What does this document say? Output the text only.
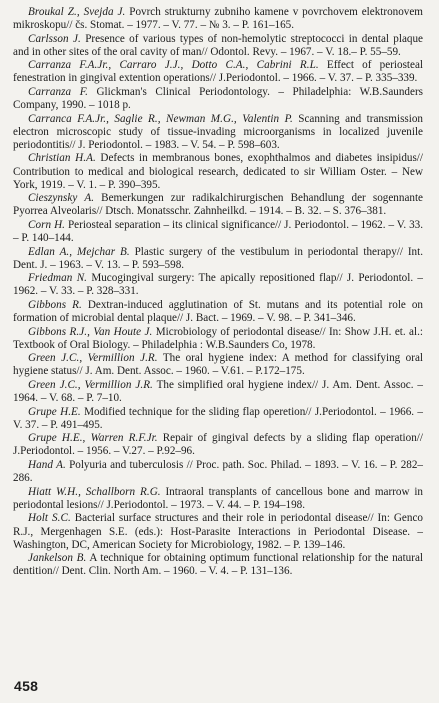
Broukal Z., Svejda J. Povrch strukturny zubniho kamene v povrchovem elektronovem mikroskopu// čs. Stomat. – 1977. – V. 77. – № 3. – P. 161–165.
Carlsson J. Presence of various types of non-hemolytic streptococci in dental plaque and in other sites of the oral cavity of man// Odontol. Revy. – 1967. – V. 18.– P. 55–59.
Carranza F.A.Jr., Carraro J.J., Dotto C.A., Cabrini R.L. Effect of periosteal fenestration in gingival extention operations// J.Periodontol. – 1966. – V. 37. – P. 335–339.
Carranza F. Glickman's Clinical Periodontology. – Philadelphia: W.B.Saunders Company, 1990. – 1018 p.
Carranca F.A.Jr., Saglie R., Newman M.G., Valentin P. Scanning and transmission electron microscopic study of tissue-invading microorganisms in localized juvenile periodontitis// J. Periodontol. – 1983. – V. 54. – P. 598–603.
Christian H.A. Defects in membranous bones, exophthalmos and diabetes insipidus// Contribution to medical and biological research, dedicated to sir William Oster. – New York, 1919. – V. 1. – P. 390–395.
Cieszynsky A. Bemerkungen zur radikalchirurgischen Behandlung der sogennante Pyorrea Alveolaris// Dtsch. Monatsschr. Zahnheilkd. – 1914. – B. 32. – S. 376–381.
Corn H. Periosteal separation – its clinical significance// J. Periodontol. – 1962. – V. 33. – P. 140–144.
Edlan A., Mejchar B. Plastic surgery of the vestibulum in periodontal therapy// Int. Dent. J. – 1963. – V. 13. – P. 593–598.
Friedman N. Mucogingival surgery: The apically repositioned flap// J. Periodontol. – 1962. – V. 33. – P. 328–331.
Gibbons R. Dextran-induced agglutination of St. mutans and its potential role on formation of microbial dental plaque// J. Bact. – 1969. – V. 98. – P. 341–346.
Gibbons R.J., Van Houte J. Microbiology of periodontal disease// In: Show J.H. et. al.: Textbook of Oral Biology. – Philadelphia : W.B.Saunders Co, 1978.
Green J.C., Vermillion J.R. The oral hygiene index: A method for classifying oral hygiene status// J. Am. Dent. Assoc. – 1960. – V.61. – P.172–175.
Green J.C., Vermillion J.R. The simplified oral hygiene index// J. Am. Dent. Assoc. – 1964. – V. 68. – P. 7–10.
Grupe H.E. Modified technique for the sliding flap operetion// J.Periodontol. – 1966. – V. 37. – P. 491–495.
Grupe H.E., Warren R.F.Jr. Repair of gingival defects by a sliding flap operation// J.Periodontol. – 1956. – V.27. – P.92–96.
Hand A. Polyuria and tuberculosis // Proc. path. Soc. Philad. – 1893. – V. 16. – P. 282–286.
Hiatt W.H., Schallborn R.G. Intraoral transplants of cancellous bone and marrow in periodontal lesions// J.Periodontol. – 1973. – V. 44. – P. 194–198.
Holt S.C. Bacterial surface structures and their role in periodontal disease// In: Genco R.J., Mergenhagen S.E. (eds.): Host-Parasite Interactions in Periodontal Disease. – Washington, DC, American Society for Microbiology, 1982. – P. 139–146.
Jankelson B. A technique for obtaining optimum functional relationship for the natural dentition// Dent. Clin. North Am. – 1960. – V. 4. – P. 131–136.
458
